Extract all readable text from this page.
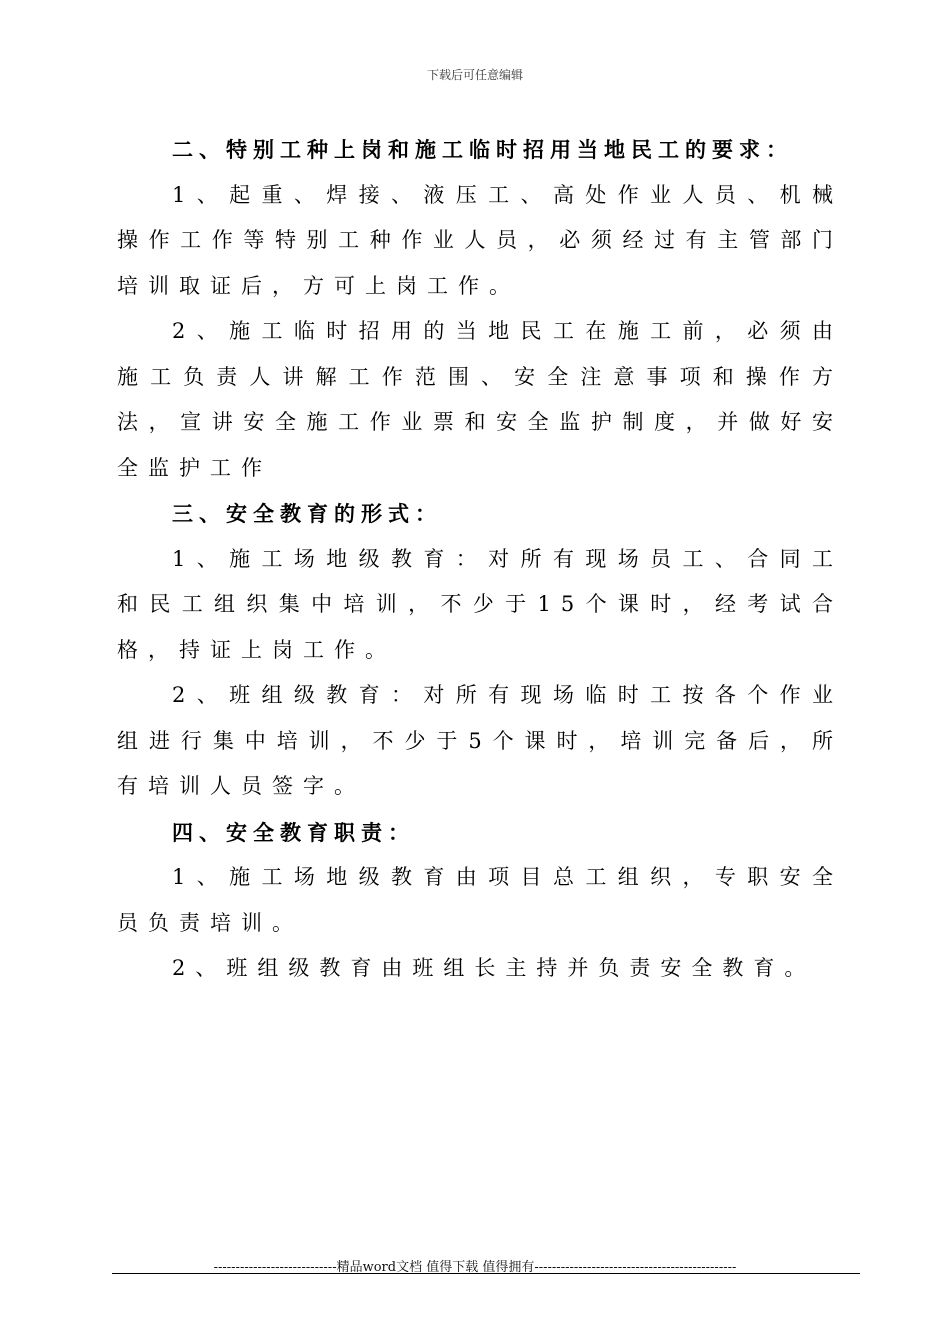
下载后可任意编辑

二、特别工种上岗和施工临时招用当地民工的要求：

1、起重、焊接、液压工、高处作业人员、机械操作工作等特别工种作业人员，必须经过有主管部门培训取证后，方可上岗工作。

2、施工临时招用的当地民工在施工前，必须由施工负责人讲解工作范围、安全注意事项和操作方法，宣讲安全施工作业票和安全监护制度，并做好安全监护工作

三、安全教育的形式：

1、施工场地级教育：对所有现场员工、合同工和民工组织集中培训，不少于15个课时，经考试合格，持证上岗工作。

2、班组级教育：对所有现场临时工按各个作业组进行集中培训，不少于5个课时，培训完备后，所有培训人员签字。

四、安全教育职责：

1、施工场地级教育由项目总工组织，专职安全员负责培训。

2、班组级教育由班组长主持并负责安全教育。

----------------------------精品word文档 值得下载 值得拥有----------------------------------------------
